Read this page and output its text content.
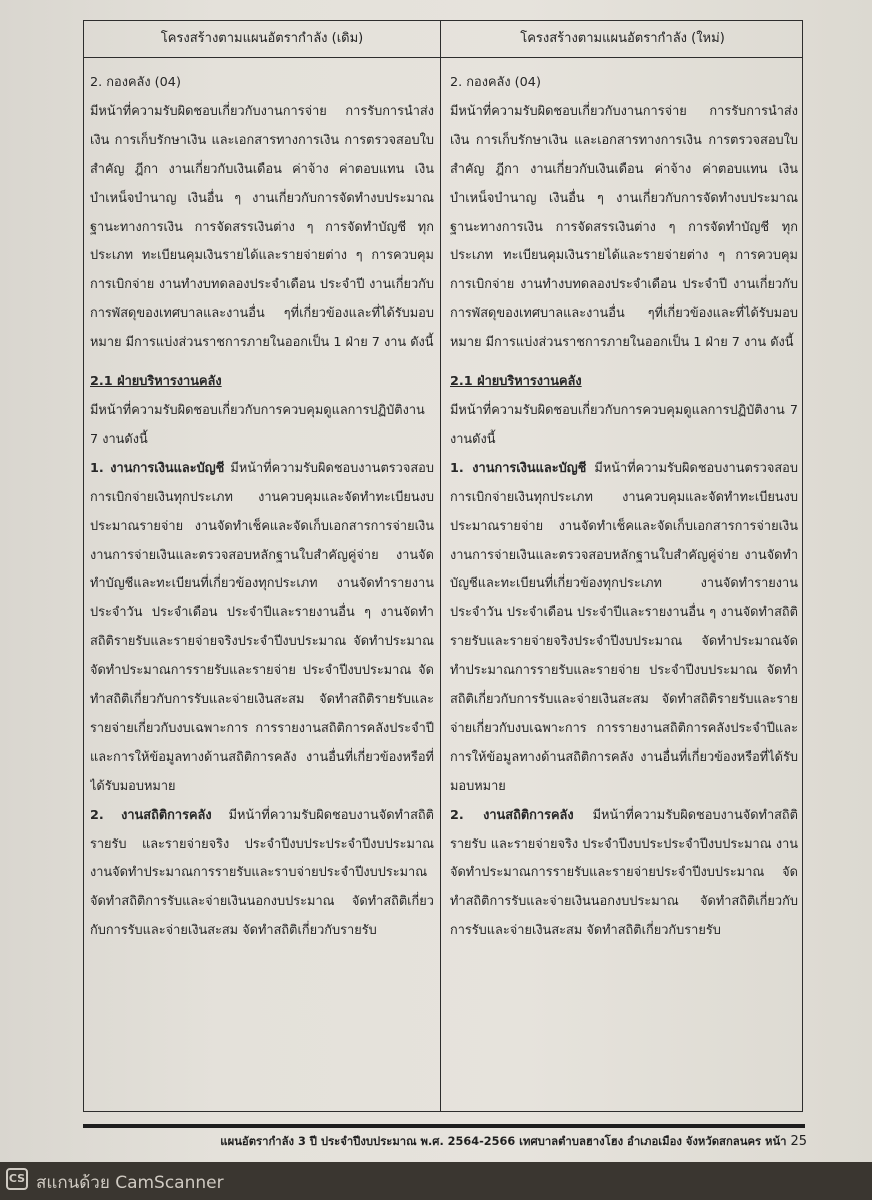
โครงสร้างตามแผนอัตรากำลัง (เดิม)	โครงสร้างตามแผนอัตรากำลัง (ใหม่)

2. กองคลัง (04)

มีหน้าที่ความรับผิดชอบเกี่ยวกับงานการจ่าย การรับการนำส่งเงิน การเก็บรักษาเงิน และเอกสารทางการเงิน การตรวจสอบใบสำคัญ ฎีกา งานเกี่ยวกับเงินเดือน ค่าจ้าง ค่าตอบแทน เงินบำเหน็จบำนาญ เงินอื่น ๆ งานเกี่ยวกับการจัดทำงบประมาณฐานะทางการเงิน การจัดสรรเงินต่าง ๆ การจัดทำบัญชี ทุกประเภท ทะเบียนคุมเงินรายได้และรายจ่ายต่าง ๆ การควบคุมการเบิกจ่าย งานทำงบทดลองประจำเดือน ประจำปี งานเกี่ยวกับการพัสดุของเทศบาลและงานอื่น ๆที่เกี่ยวข้องและที่ได้รับมอบหมาย มีการแบ่งส่วนราชการภายในออกเป็น 1 ฝ่าย 7 งาน ดังนี้

2.1 ฝ่ายบริหารงานคลัง

มีหน้าที่ความรับผิดชอบเกี่ยวกับการควบคุมดูแลการปฏิบัติงาน 7 งานดังนี้

1. งานการเงินและบัญชี มีหน้าที่ความรับผิดชอบงานตรวจสอบการเบิกจ่ายเงินทุกประเภท งานควบคุมและจัดทำทะเบียนงบประมาณรายจ่าย งานจัดทำเช็คและจัดเก็บเอกสารการจ่ายเงิน งานการจ่ายเงินและตรวจสอบหลักฐานใบสำคัญคู่จ่าย งานจัดทำบัญชีและทะเบียนที่เกี่ยวข้องทุกประเภท งานจัดทำรายงานประจำวัน ประจำเดือน ประจำปีและรายงานอื่น ๆ งานจัดทำสถิติรายรับและรายจ่ายจริงประจำปีงบประมาณ จัดทำประมาณจัดทำประมาณการรายรับและรายจ่าย ประจำปีงบประมาณ จัดทำสถิติเกี่ยวกับการรับและจ่ายเงินสะสม จัดทำสถิติรายรับและรายจ่ายเกี่ยวกับงบเฉพาะการ การรายงานสถิติการคลังประจำปีและการให้ข้อมูลทางด้านสถิติการคลัง งานอื่นที่เกี่ยวข้องหรือที่ได้รับมอบหมาย

2. งานสถิติการคลัง มีหน้าที่ความรับผิดชอบงานจัดทำสถิติรายรับ และรายจ่ายจริง ประจำปีงบประประจำปีงบประมาณ งานจัดทำประมาณการรายรับและราบจ่ายประจำปีงบประมาณ จัดทำสถิติการรับและจ่ายเงินนอกงบประมาณ จัดทำสถิติเกี่ยวกับการรับและจ่ายเงินสะสม จัดทำสถิติเกี่ยวกับรายรับ

2. กองคลัง (04)

มีหน้าที่ความรับผิดชอบเกี่ยวกับงานการจ่าย การรับการนำส่งเงิน การเก็บรักษาเงิน และเอกสารทางการเงิน การตรวจสอบใบสำคัญ ฎีกา งานเกี่ยวกับเงินเดือน ค่าจ้าง ค่าตอบแทน เงินบำเหน็จบำนาญ เงินอื่น ๆ งานเกี่ยวกับการจัดทำงบประมาณฐานะทางการเงิน การจัดสรรเงินต่าง ๆ การจัดทำบัญชี ทุกประเภท ทะเบียนคุมเงินรายได้และรายจ่ายต่าง ๆ การควบคุมการเบิกจ่าย งานทำงบทดลองประจำเดือน ประจำปี งานเกี่ยวกับการพัสดุของเทศบาลและงานอื่น ๆที่เกี่ยวข้องและที่ได้รับมอบหมาย มีการแบ่งส่วนราชการภายในออกเป็น 1 ฝ่าย 7 งาน ดังนี้

2.1 ฝ่ายบริหารงานคลัง

มีหน้าที่ความรับผิดชอบเกี่ยวกับการควบคุมดูแลการปฏิบัติงาน 7 งานดังนี้

1. งานการเงินและบัญชี มีหน้าที่ความรับผิดชอบงานตรวจสอบการเบิกจ่ายเงินทุกประเภท งานควบคุมและจัดทำทะเบียนงบประมาณรายจ่าย งานจัดทำเช็คและจัดเก็บเอกสารการจ่ายเงิน งานการจ่ายเงินและตรวจสอบหลักฐานใบสำคัญคู่จ่าย งานจัดทำบัญชีและทะเบียนที่เกี่ยวข้องทุกประเภท งานจัดทำรายงานประจำวัน ประจำเดือน ประจำปีและรายงานอื่น ๆ งานจัดทำสถิติรายรับและรายจ่ายจริงประจำปีงบประมาณ จัดทำประมาณจัดทำประมาณการรายรับและรายจ่าย ประจำปีงบประมาณ จัดทำสถิติเกี่ยวกับการรับและจ่ายเงินสะสม จัดทำสถิติรายรับและรายจ่ายเกี่ยวกับงบเฉพาะการ การรายงานสถิติการคลังประจำปีและการให้ข้อมูลทางด้านสถิติการคลัง งานอื่นที่เกี่ยวข้องหรือที่ได้รับมอบหมาย

2. งานสถิติการคลัง มีหน้าที่ความรับผิดชอบงานจัดทำสถิติรายรับ และรายจ่ายจริง ประจำปีงบประประจำปีงบประมาณ งานจัดทำประมาณการรายรับและรายจ่ายประจำปีงบประมาณ จัดทำสถิติการรับและจ่ายเงินนอกงบประมาณ จัดทำสถิติเกี่ยวกับการรับและจ่ายเงินสะสม จัดทำสถิติเกี่ยวกับรายรับ

แผนอัตรากำลัง 3 ปี ประจำปีงบประมาณ พ.ศ. 2564-2566 เทศบาลตำบลฮางโฮง อำเภอเมือง จังหวัดสกลนคร หน้า 25
CS สแกนด้วย CamScanner
